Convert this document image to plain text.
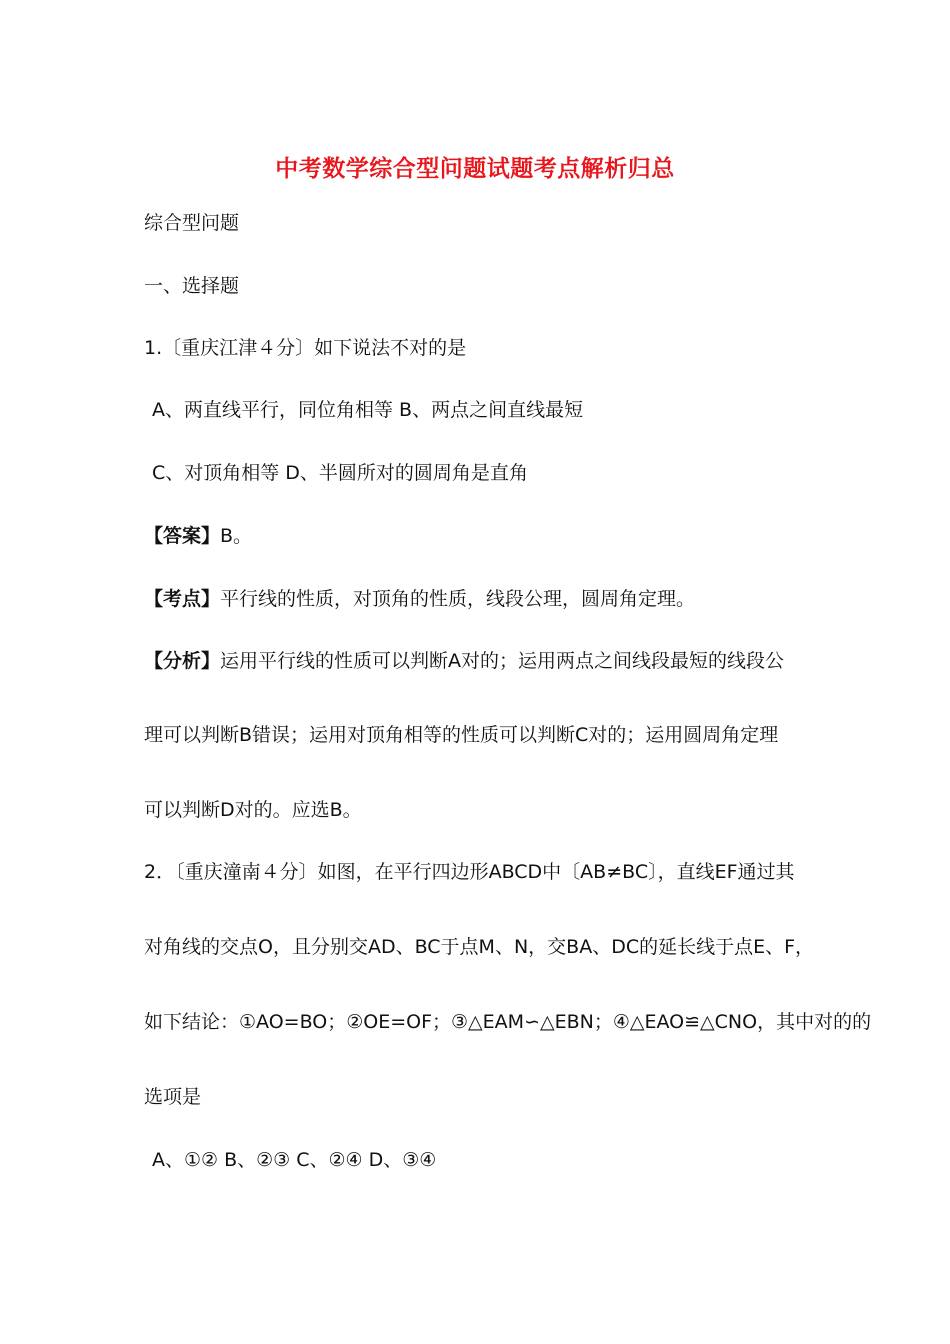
中考数学综合型问题试题考点解析归总
综合型问题
一、选择题
1.〔重庆江津４分〕如下说法不对的是
A、两直线平行，同位角相等 B、两点之间直线最短
C、对顶角相等 D、半圆所对的圆周角是直角
【答案】B。
【考点】平行线的性质，对顶角的性质，线段公理，圆周角定理。
【分析】运用平行线的性质可以判断A对的；运用两点之间线段最短的线段公
理可以判断B错误；运用对顶角相等的性质可以判断C对的；运用圆周角定理
可以判断D对的。应选B。
2．〔重庆潼南４分〕如图，在平行四边形ABCD中〔AB≠BC〕，直线EF通过其
对角线的交点O，且分别交AD、BC于点M、N，交BA、DC的延长线于点E、F，
如下结论：①AO=BO；②OE=OF；③△EAM∽△EBN；④△EAO≌△CNO，其中对的的
选项是
A、①② B、②③ C、②④ D、③④
